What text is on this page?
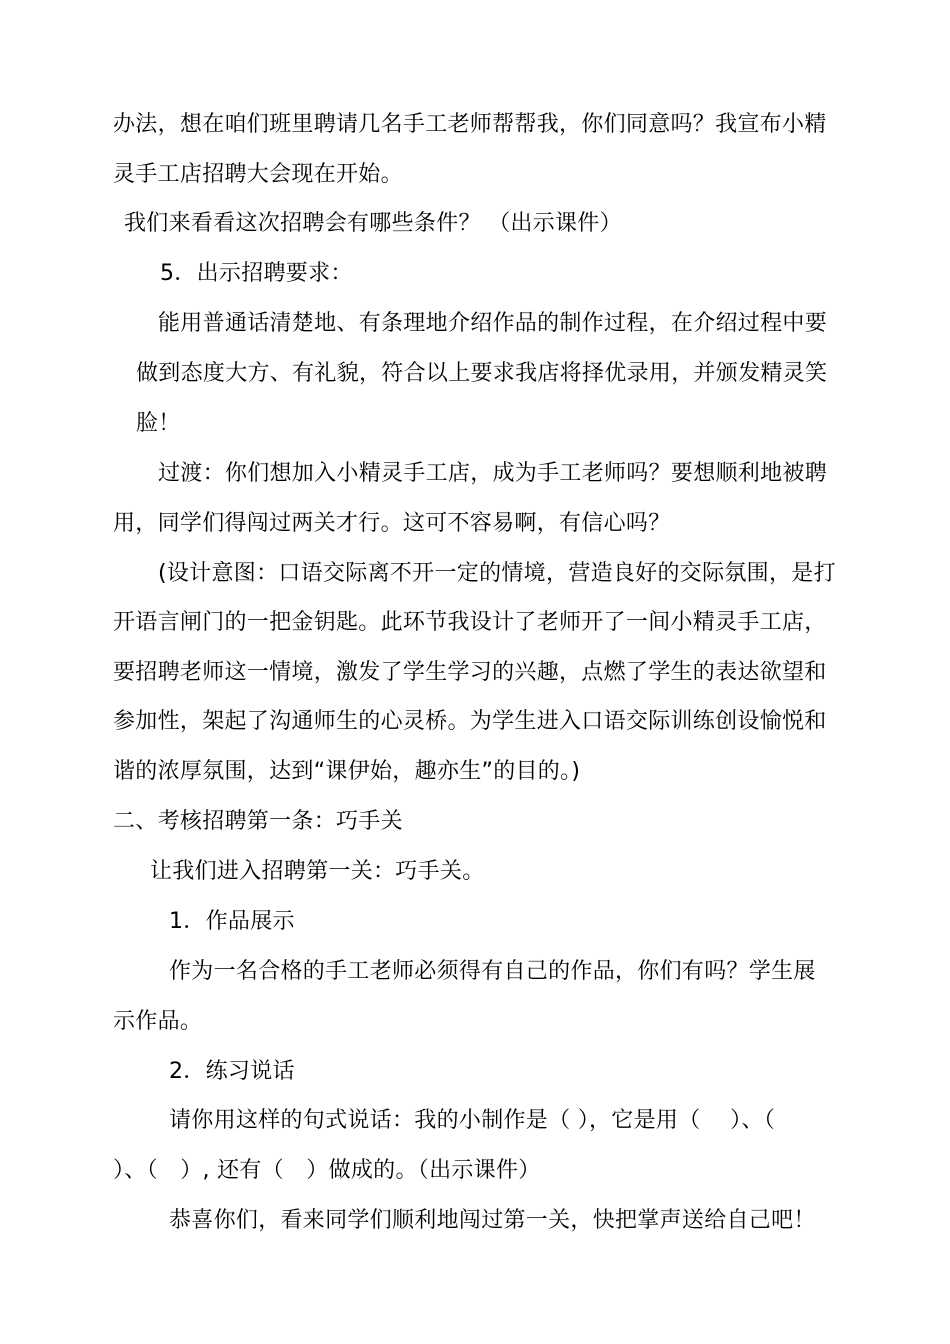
办法，想在咱们班里聘请几名手工老师帮帮我，你们同意吗？我宣布小精
灵手工店招聘大会现在开始。
我们来看看这次招聘会有哪些条件？ （出示课件）
5．出示招聘要求：
能用普通话清楚地、有条理地介绍作品的制作过程，在介绍过程中要
做到态度大方、有礼貌，符合以上要求我店将择优录用，并颁发精灵笑
脸！
过渡：你们想加入小精灵手工店，成为手工老师吗？要想顺利地被聘
用，同学们得闯过两关才行。这可不容易啊，有信心吗？
(设计意图：口语交际离不开一定的情境，营造良好的交际氛围，是打
开语言闸门的一把金钥匙。此环节我设计了老师开了一间小精灵手工店，
要招聘老师这一情境，激发了学生学习的兴趣，点燃了学生的表达欲望和
参加性，架起了沟通师生的心灵桥。为学生进入口语交际训练创设愉悦和
谐的浓厚氛围，达到“课伊始，趣亦生”的目的。)
二、考核招聘第一条：巧手关
让我们进入招聘第一关：巧手关。
1．作品展示
作为一名合格的手工老师必须得有自己的作品，你们有吗？学生展
示作品。
2．练习说话
请你用这样的句式说话：我的小制作是（ ），它是用（　 ）、（
）、（　）, 还有（　）做成的。（出示课件）
恭喜你们，看来同学们顺利地闯过第一关，快把掌声送给自己吧！
